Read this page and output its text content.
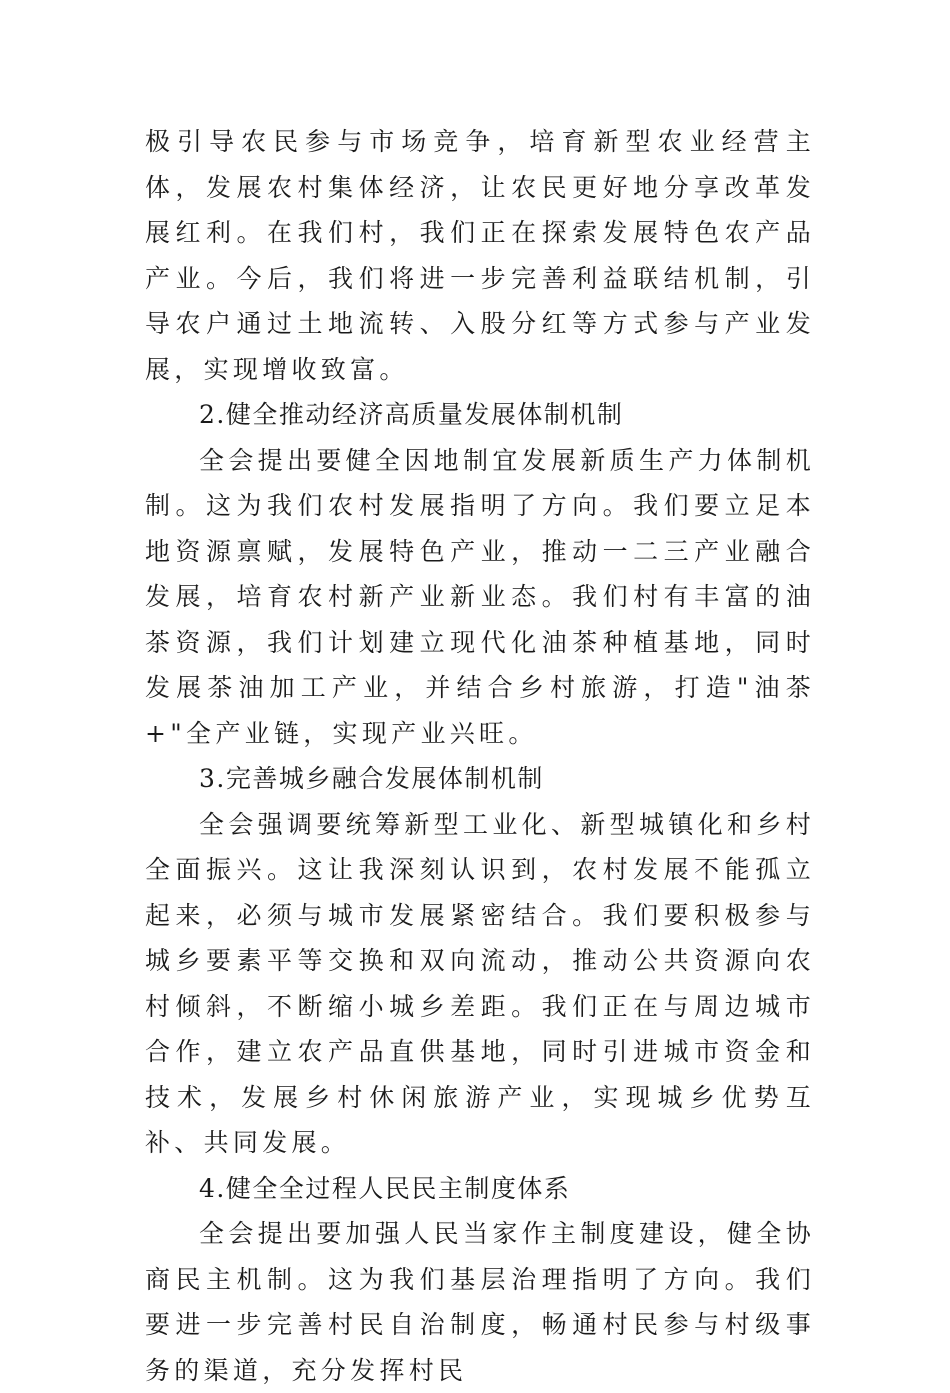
极引导农民参与市场竞争，培育新型农业经营主体，发展农村集体经济，让农民更好地分享改革发展红利。在我们村，我们正在探索发展特色农产品产业。今后，我们将进一步完善利益联结机制，引导农户通过土地流转、入股分红等方式参与产业发展，实现增收致富。

2.健全推动经济高质量发展体制机制

全会提出要健全因地制宜发展新质生产力体制机制。这为我们农村发展指明了方向。我们要立足本地资源禀赋，发展特色产业，推动一二三产业融合发展，培育农村新产业新业态。我们村有丰富的油茶资源，我们计划建立现代化油茶种植基地，同时发展茶油加工产业，并结合乡村旅游，打造"油茶+"全产业链，实现产业兴旺。

3.完善城乡融合发展体制机制

全会强调要统筹新型工业化、新型城镇化和乡村全面振兴。这让我深刻认识到，农村发展不能孤立起来，必须与城市发展紧密结合。我们要积极参与城乡要素平等交换和双向流动，推动公共资源向农村倾斜，不断缩小城乡差距。我们正在与周边城市合作，建立农产品直供基地，同时引进城市资金和技术，发展乡村休闲旅游产业，实现城乡优势互补、共同发展。

4.健全全过程人民民主制度体系

全会提出要加强人民当家作主制度建设，健全协商民主机制。这为我们基层治理指明了方向。我们要进一步完善村民自治制度，畅通村民参与村级事务的渠道，充分发挥村民
